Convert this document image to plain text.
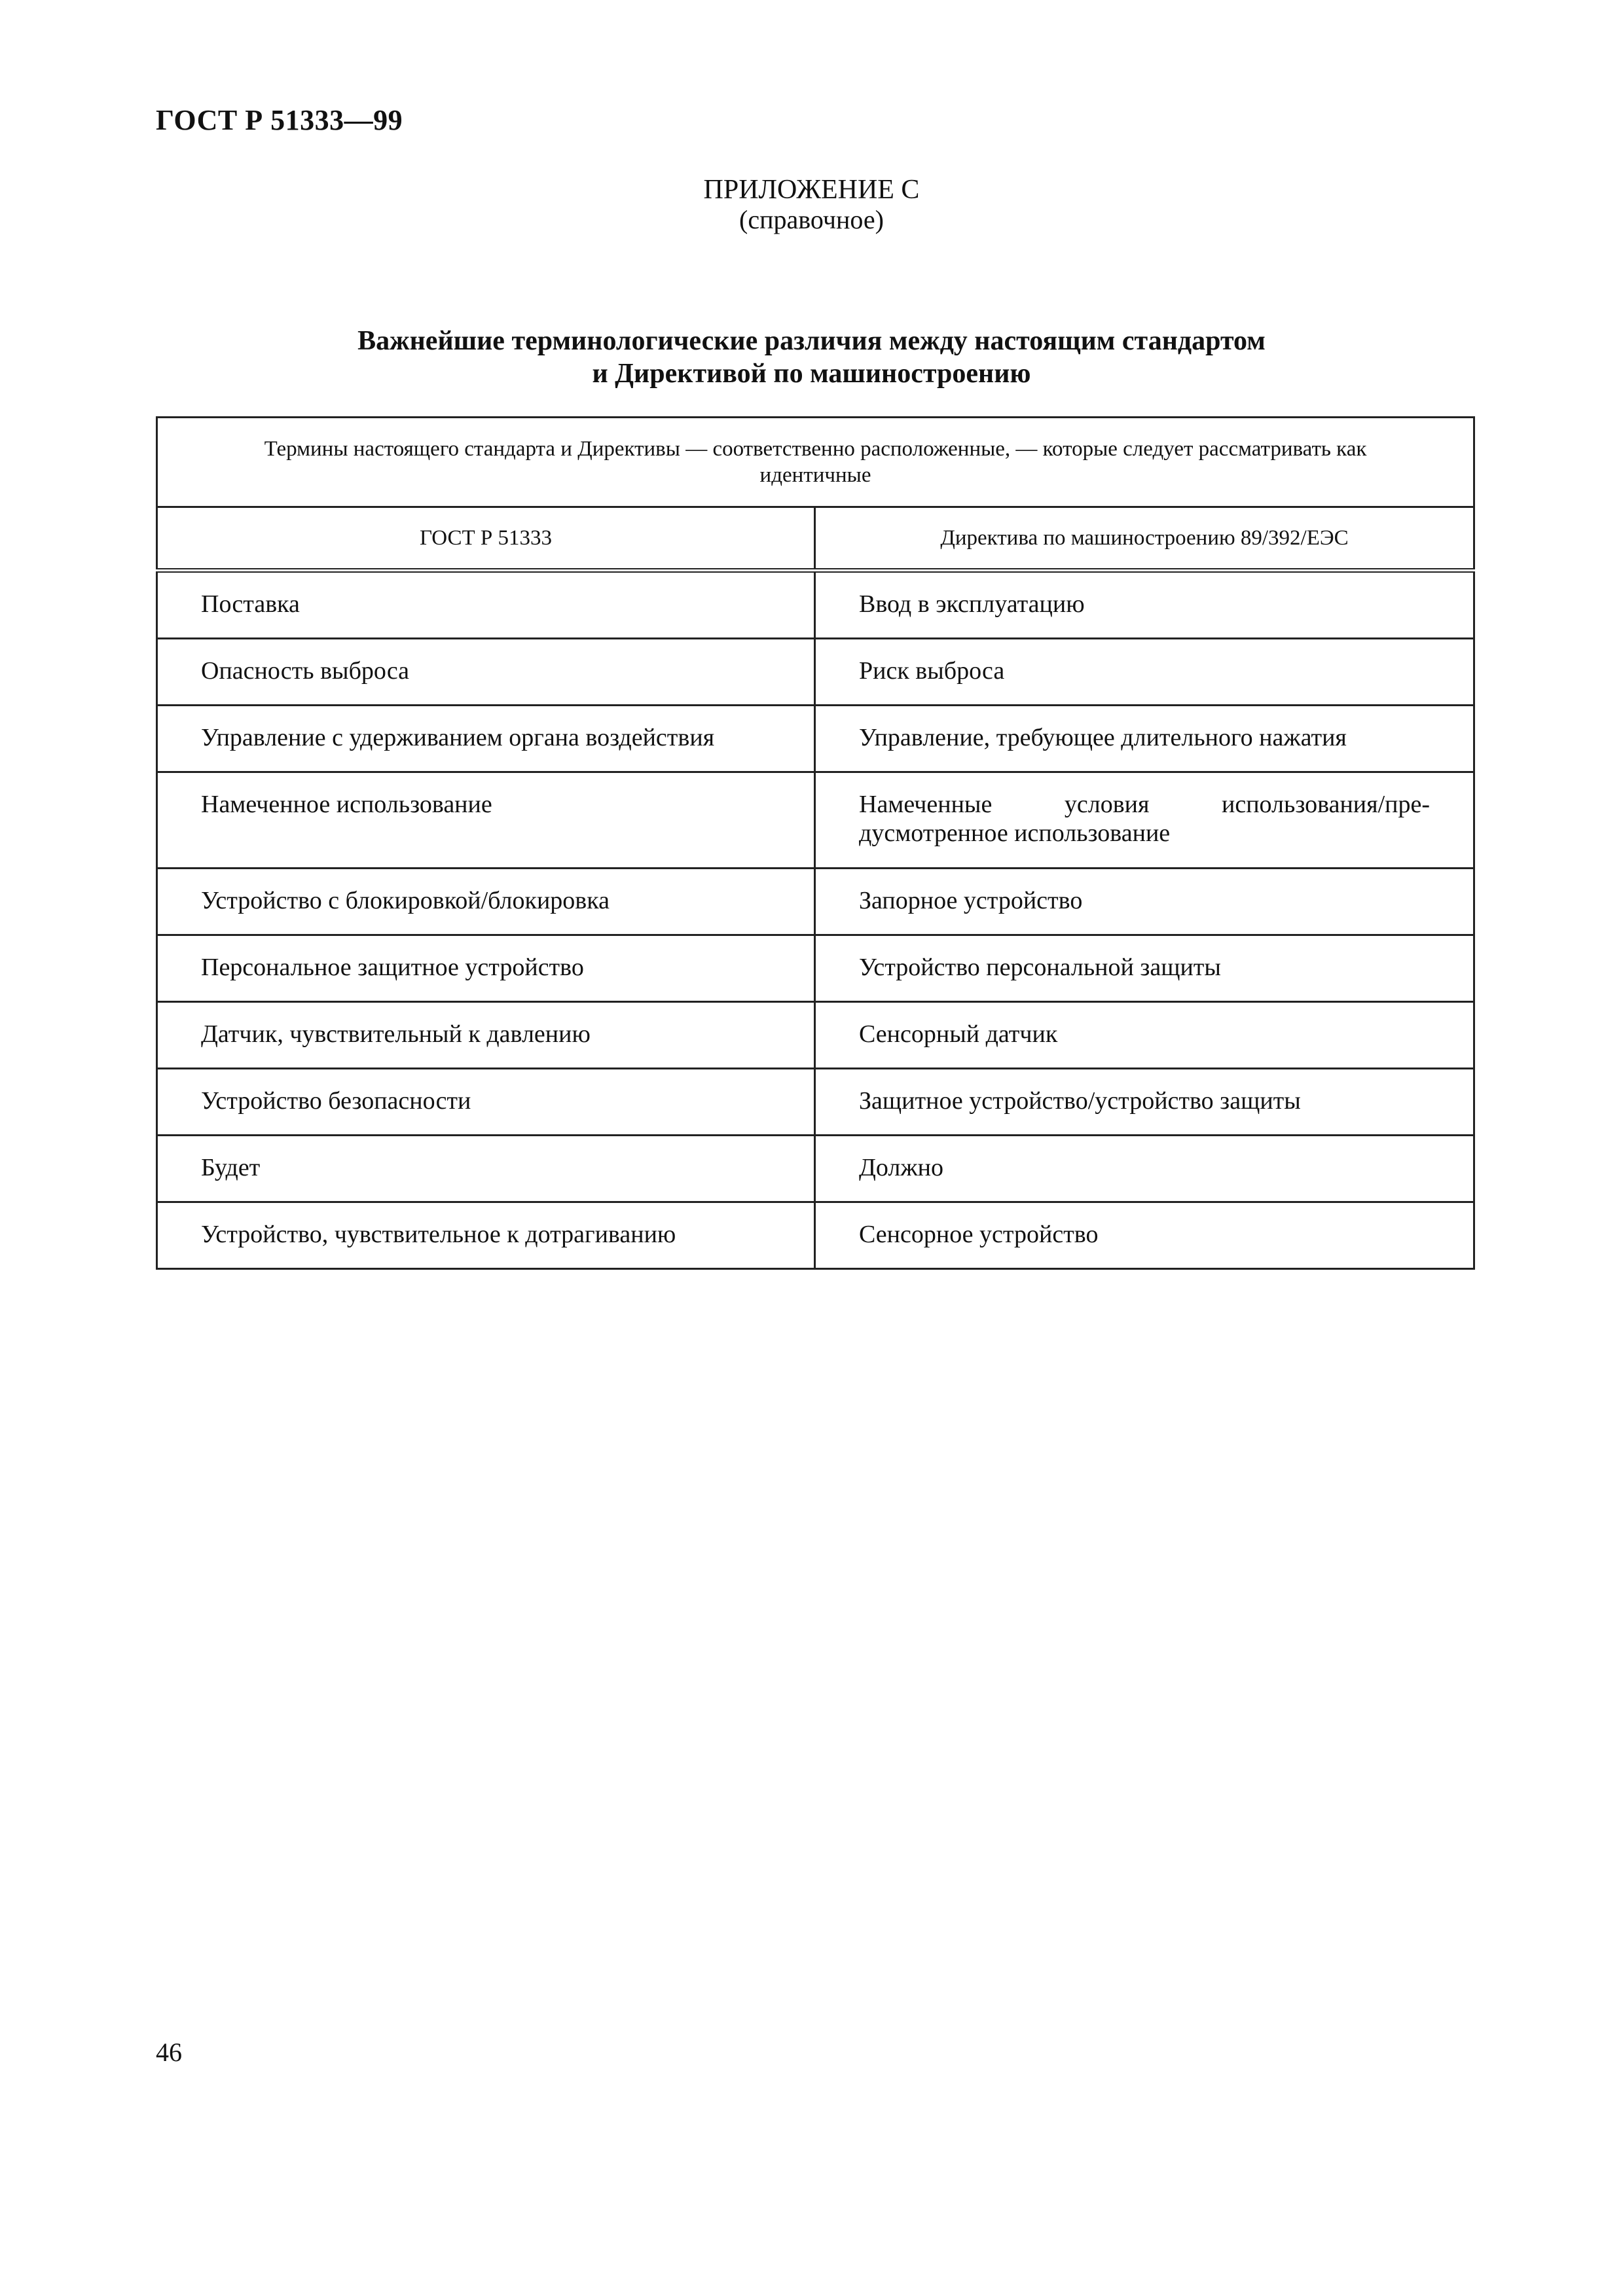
ГОСТ Р 51333—99
ПРИЛОЖЕНИЕ С
(справочное)
Важнейшие терминологические различия между настоящим стандартом
и Директивой по машиностроению
Термины настоящего стандарта и Директивы — соответственно расположенные, — которые следует рассматривать как идентичные	
ГОСТ Р 51333	Директива по машиностроению 89/392/ЕЭС
Поставка	Ввод в эксплуатацию
Опасность выброса	Риск выброса
Управление с удерживанием органа воздействия	Управление, требующее длительного нажатия
Намеченное использование	Намеченные условия использования/пре-дусмотренное использование
Устройство с блокировкой/блокировка	Запорное устройство
Персональное защитное устройство	Устройство персональной защиты
Датчик, чувствительный к давлению	Сенсорный датчик
Устройство безопасности	Защитное устройство/устройство защиты
Будет	Должно
Устройство, чувствительное к дотрагиванию	Сенсорное устройство
46
